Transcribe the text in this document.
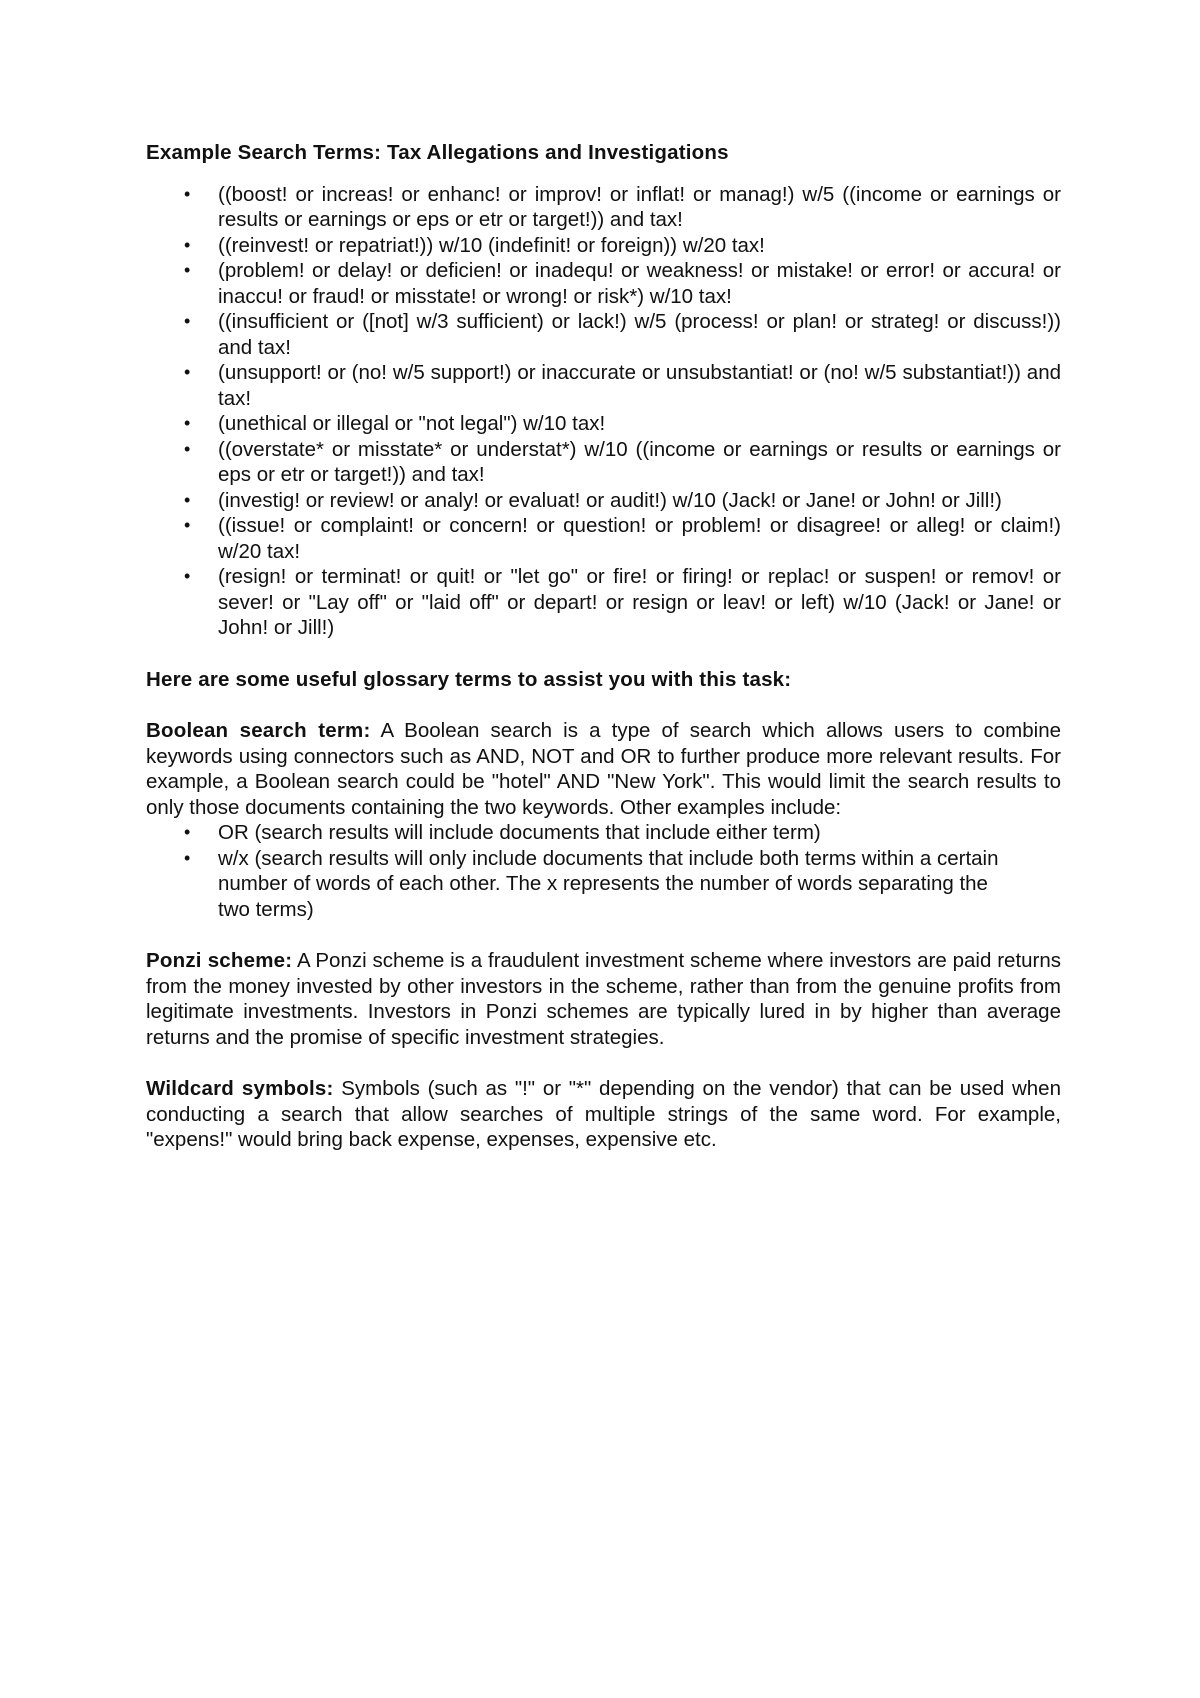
Example Search Terms: Tax Allegations and Investigations

• ((boost! or increas! or enhanc! or improv! or inflat! or manag!) w/5 ((income or earnings or results or earnings or eps or etr or target!)) and tax!
• ((reinvest! or repatriat!)) w/10 (indefinit! or foreign)) w/20 tax!
• (problem! or delay! or deficien! or inadequ! or weakness! or mistake! or error! or accura! or inaccu! or fraud! or misstate! or wrong! or risk*) w/10 tax!
• ((insufficient or ([not] w/3 sufficient) or lack!) w/5 (process! or plan! or strateg! or discuss!)) and tax!
• (unsupport! or (no! w/5 support!) or inaccurate or unsubstantiat! or (no! w/5 substantiat!)) and tax!
• (unethical or illegal or "not legal") w/10 tax!
• ((overstate* or misstate* or understat*) w/10 ((income or earnings or results or earnings or eps or etr or target!)) and tax!
• (investig! or review! or analy! or evaluat! or audit!) w/10 (Jack! or Jane! or John! or Jill!)
• ((issue! or complaint! or concern! or question! or problem! or disagree! or alleg! or claim!) w/20 tax!
• (resign! or terminat! or quit! or "let go" or fire! or firing! or replac! or suspen! or remov! or sever! or "Lay off" or "laid off" or depart! or resign or leav! or left) w/10 (Jack! or Jane! or John! or Jill!)

Here are some useful glossary terms to assist you with this task:

Boolean search term: A Boolean search is a type of search which allows users to combine keywords using connectors such as AND, NOT and OR to further produce more relevant results. For example, a Boolean search could be "hotel" AND "New York". This would limit the search results to only those documents containing the two keywords. Other examples include:
• OR (search results will include documents that include either term)
• w/x (search results will only include documents that include both terms within a certain number of words of each other. The x represents the number of words separating the two terms)
Ponzi scheme: A Ponzi scheme is a fraudulent investment scheme where investors are paid returns from the money invested by other investors in the scheme, rather than from the genuine profits from legitimate investments. Investors in Ponzi schemes are typically lured in by higher than average returns and the promise of specific investment strategies.
Wildcard symbols: Symbols (such as "!" or "*" depending on the vendor) that can be used when conducting a search that allow searches of multiple strings of the same word. For example, "expens!" would bring back expense, expenses, expensive etc.
